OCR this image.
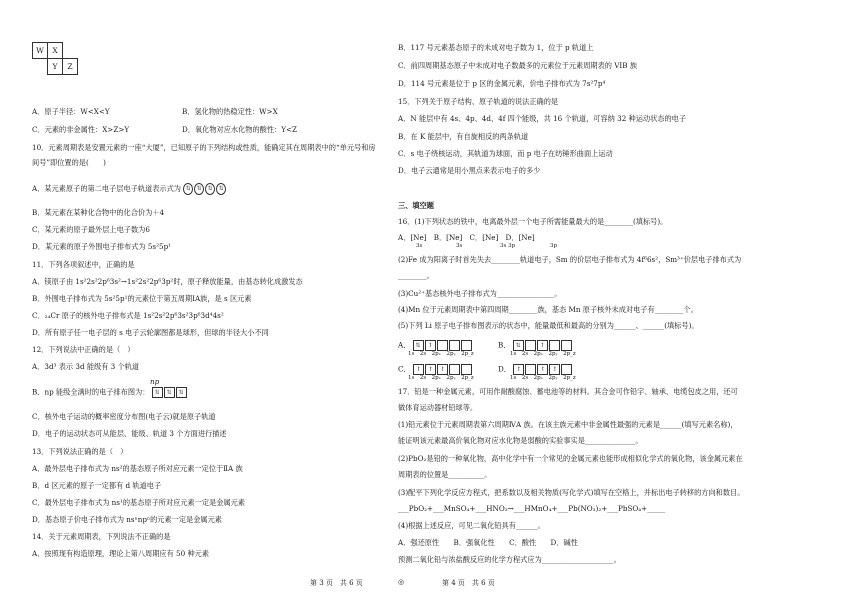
W	X	
	Y	Z
A．原子半径：W<X<Y	B．氢化物的热稳定性：W>X
C．元素的非金属性：X>Z>Y	D．氧化物对应水化物的酸性：Y<Z
10．元素周期表是安置元素的一座“大厦”，已知原子的下列结构或性质，能确定其在周期表中的“单元号和房
间号”即位置的是(　　)
A．某元素原子的第二电子层电子轨道表示式为 ⇅ ⇅ ⇅ ⇅
B．某元素在某种化合物中的化合价为＋4
C．某元素的原子最外层上电子数为6
D．某元素的原子外围电子排布式为 5s²5p¹
11．下列各项叙述中，正确的是
A．镁原子由 1s²2s²2p⁶3s²→1s²2s²2p⁶3p²时，原子释放能量，由基态转化成激发态
B．外围电子排布式为 5s²5p¹的元素位于第五周期ⅠA族，是 s 区元素
C．₂₄Cr 原子的核外电子排布式是 1s²2s²2p⁶3s²3p⁶3d⁴4s²
D．所有原子任一电子层的 s 电子云轮廓图都是球形，但球的半径大小不同
12．下列说法中正确的是（　）
A．3d³ 表示 3d 能级有 3 个轨道
np
B．np 能级全满时的电子排布图为： ⇅ ⇅ ⇅
C．核外电子运动的概率密度分布图(电子云)就是原子轨道
D．电子的运动状态可从能层、能级、轨道 3 个方面进行描述
13．下列说法正确的是（　）
A．最外层电子排布式为 ns²的基态原子所对应元素一定位于ⅡA 族
B．d 区元素的原子一定都有 d 轨道电子
C．最外层电子排布式为 ns¹的基态原子所对应元素一定是金属元素
D．基态原子价电子排布式为 nsⁿnpⁿ的元素一定是金属元素
14．关于元素周期表，下列说法不正确的是
A．按照现有构造原理，理论上第八周期应有 50 种元素
B．117 号元素基态原子的未成对电子数为 1，位于 p 轨道上
C．前四周期基态原子中未成对电子数最多的元素位于元素周期表的 VIB 族
D．114 号元素是位于 p 区的金属元素，价电子排布式为 7s²7p⁴
15．下列关于原子结构、原子轨道的说法正确的是
A．N 能层中有 4s、4p、4d、4f 四个能级，共 16 个轨道，可容纳 32 种运动状态的电子
B．在 K 能层中，有自旋相反的两条轨道
C．s 电子绕核运动，其轨道为球面，而 p 电子在纺锤形曲面上运动
D．电子云通常是用小黑点来表示电子的多少
三、填空题
16．(1)下列状态的铁中，电离最外层一个电子所需能量最大的是________(填标号)。
A．[Ne]　B．[Ne]　C．[Ne]　D．[Ne]
3s	3s	3s 3p	3p
(2)Fe 成为阳离子时首先失去________轨道电子，Sm 的价层电子排布式为 4f⁶6s²，Sm³⁺价层电子排布式为
________。
(3)Cu²⁺基态核外电子排布式为________________。
(4)Mn 位于元素周期表中第四周期________族，基态 Mn 原子核外未成对电子有________个。
(5)下列 Li 原子电子排布图表示的状态中，能量最低和最高的分别为______、______(填标号)。
A． ⇅ ↑	B． ⇅	↑
1s　2s　2pₓ　2pᵧ　2p_z	1s　2s　2pₓ　2pᵧ　2p_z
C． ↑ ↑ ↑	D． ↑	↑ ↑
1s　2s　2pₓ　2pᵧ　2p_z	1s　2s　2pₓ　2pᵧ　2p_z
17．铅是一种金属元素，可用作耐酸腐蚀、蓄电池等的材料。其合金可作铅字、轴承、电缆包皮之用，还可
做体育运动器材铅球等。
(1)铅元素位于元素周期表第六周期ⅣA 族。在该主族元素中非金属性最强的元素是______(填写元素名称)，
能证明该元素最高价氧化物对应水化物是弱酸的实验事实是______________。
(2)PbO₂是铅的一种氧化物，高中化学中有一个常见的金属元素也能形成相似化学式的氧化物，该金属元素在
周期表的位置是__________。
(3)配平下列化学反应方程式，把系数以及相关物质(写化学式)填写在空格上，并标出电子转移的方向和数目。
___PbO₂+___MnSO₄+___HNO₃→___HMnO₄+___Pb(NO₃)₂+___PbSO₄+_____
(4)根据上述反应，可见二氧化铅具有______。
A．强还原性　　B．强氧化性　　C．酸性　　D．碱性
预测二氧化铅与浓盐酸反应的化学方程式应为____________________。
第 3 页　共 6 页	◎	第 4 页　共 6 页
